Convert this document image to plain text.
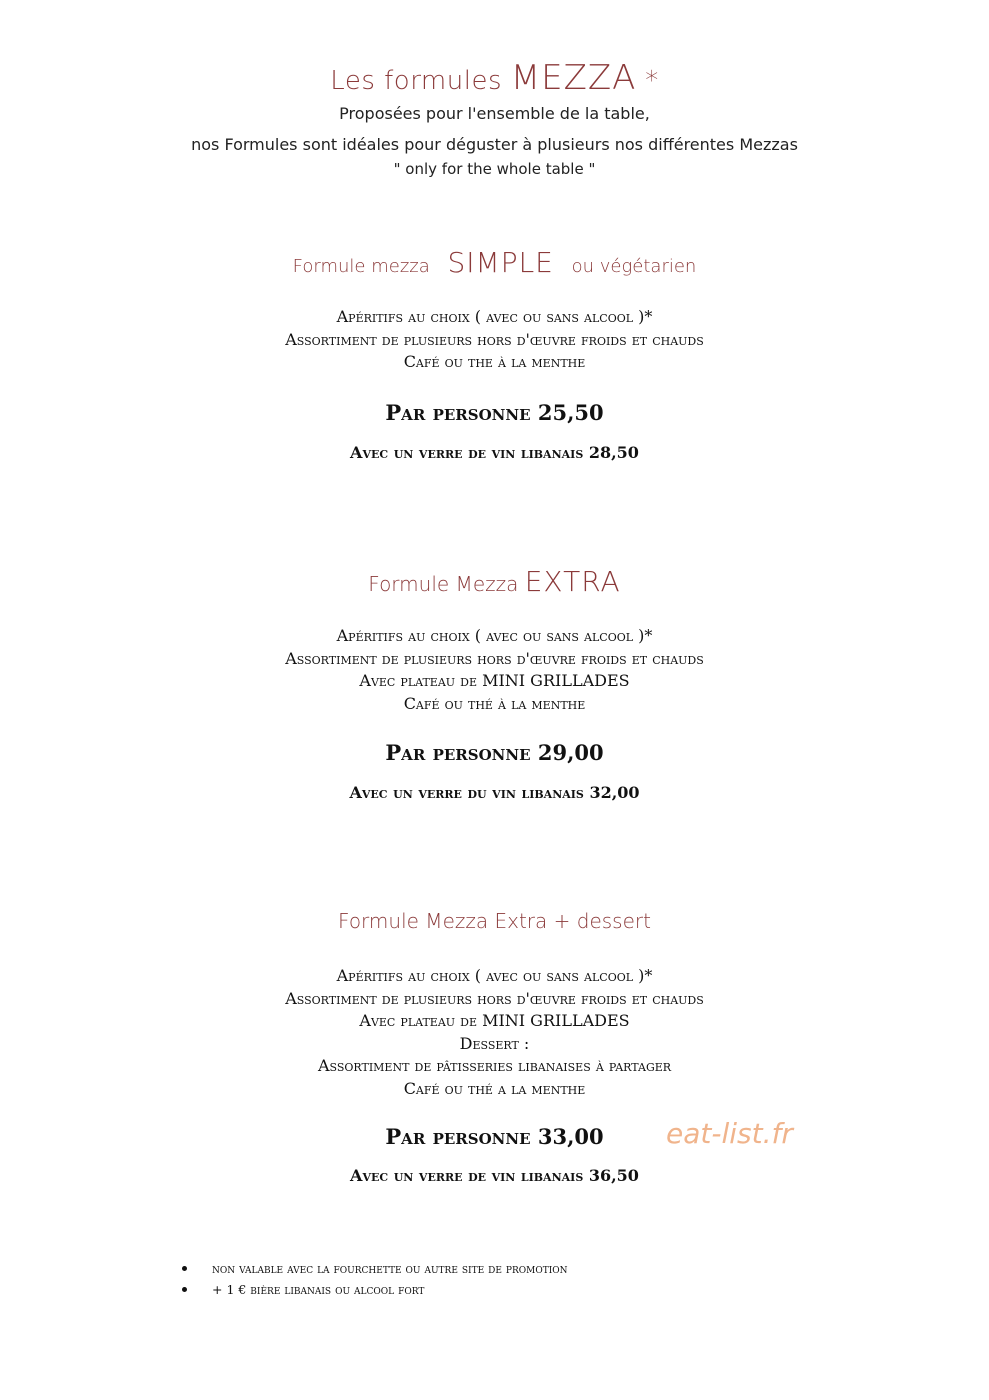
Les formules MEZZA *
Proposées pour l'ensemble de la table,
nos Formules sont idéales pour déguster à plusieurs nos différentes Mezzas
" only for the whole table "
Formule mezza SIMPLE ou végétarien
Apéritifs au choix ( avec ou sans alcool )*
Assortiment de plusieurs hors d'œuvre froids et chauds
Café ou the à la menthe
Par personne 25,50
Avec un verre de vin libanais 28,50
Formule Mezza EXTRA
Apéritifs au choix ( avec ou sans alcool )*
Assortiment de plusieurs hors d'œuvre froids et chauds
Avec plateau de MINI GRILLADES
Café ou thé à la menthe
Par personne 29,00
Avec un verre du vin libanais 32,00
Formule Mezza Extra + dessert
Apéritifs au choix ( avec ou sans alcool )*
Assortiment de plusieurs hors d'œuvre froids et chauds
Avec plateau de MINI GRILLADES
Dessert :
Assortiment de pâtisseries libanaises à partager
Café ou thé a la menthe
Par personne 33,00
Avec un verre de vin libanais 36,50
eat-list.fr
non valable avec la fourchette ou autre site de promotion
+ 1 € bière libanais ou alcool fort
